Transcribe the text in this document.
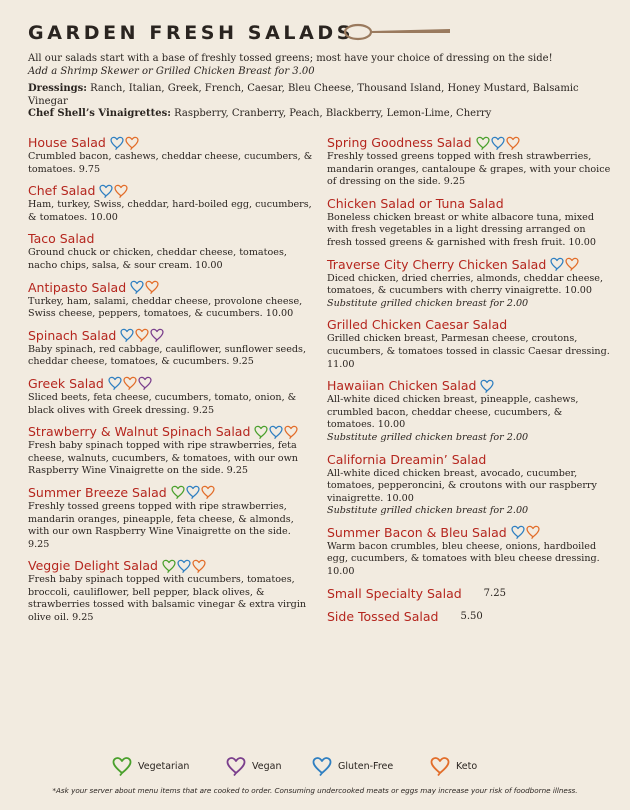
GARDEN FRESH SALADS
All our salads start with a base of freshly tossed greens; most have your choice of dressing on the side!
Add a Shrimp Skewer or Grilled Chicken Breast for 3.00
Dressings: Ranch, Italian, Greek, French, Caesar, Bleu Cheese, Thousand Island, Honey Mustard, Balsamic Vinegar
Chef Shell’s Vinaigrettes: Raspberry, Cranberry, Peach, Blackberry, Lemon-Lime, Cherry
House Salad
Crumbled bacon, cashews, cheddar cheese, cucumbers, & tomatoes. 9.75
Chef Salad
Ham, turkey, Swiss, cheddar, hard-boiled egg, cucumbers, & tomatoes. 10.00
Taco Salad
Ground chuck or chicken, cheddar cheese, tomatoes, nacho chips, salsa, & sour cream. 10.00
Antipasto Salad
Turkey, ham, salami, cheddar cheese, provolone cheese, Swiss cheese, peppers, tomatoes, & cucumbers. 10.00
Spinach Salad
Baby spinach, red cabbage, cauliflower, sunflower seeds, cheddar cheese, tomatoes, & cucumbers. 9.25
Greek Salad
Sliced beets, feta cheese, cucumbers, tomato, onion, & black olives with Greek dressing. 9.25
Strawberry & Walnut Spinach Salad
Fresh baby spinach topped with ripe strawberries, feta cheese, walnuts, cucumbers, & tomatoes, with our own Raspberry Wine Vinaigrette on the side. 9.25
Summer Breeze Salad
Freshly tossed greens topped with ripe strawberries, mandarin oranges, pineapple, feta cheese, & almonds, with our own Raspberry Wine Vinaigrette on the side. 9.25
Veggie Delight Salad
Fresh baby spinach topped with cucumbers, tomatoes, broccoli, cauliflower, bell pepper, black olives, & strawberries tossed with balsamic vinegar & extra virgin olive oil. 9.25
Spring Goodness Salad
Freshly tossed greens topped with fresh strawberries, mandarin oranges, cantaloupe & grapes, with your choice of dressing on the side. 9.25
Chicken Salad or Tuna Salad
Boneless chicken breast or white albacore tuna, mixed with fresh vegetables in a light dressing arranged on fresh tossed greens & garnished with fresh fruit. 10.00
Traverse City Cherry Chicken Salad
Diced chicken, dried cherries, almonds, cheddar cheese, tomatoes, & cucumbers with cherry vinaigrette. 10.00
Substitute grilled chicken breast for 2.00
Grilled Chicken Caesar Salad
Grilled chicken breast, Parmesan cheese, croutons, cucumbers, & tomatoes tossed in classic Caesar dressing. 11.00
Hawaiian Chicken Salad
All-white diced chicken breast, pineapple, cashews, crumbled bacon, cheddar cheese, cucumbers, & tomatoes. 10.00
Substitute grilled chicken breast for 2.00
California Dreamin’ Salad
All-white diced chicken breast, avocado, cucumber, tomatoes, pepperoncini, & croutons with our raspberry vinaigrette. 10.00
Substitute grilled chicken breast for 2.00
Summer Bacon & Bleu Salad
Warm bacon crumbles, bleu cheese, onions, hardboiled egg, cucumbers, & tomatoes with bleu cheese dressing. 10.00
Small Specialty Salad 7.25
Side Tossed Salad 5.50
Vegetarian	Vegan	Gluten-Free	Keto
*Ask your server about menu items that are cooked to order. Consuming undercooked meats or eggs may increase your risk of foodborne illness.
